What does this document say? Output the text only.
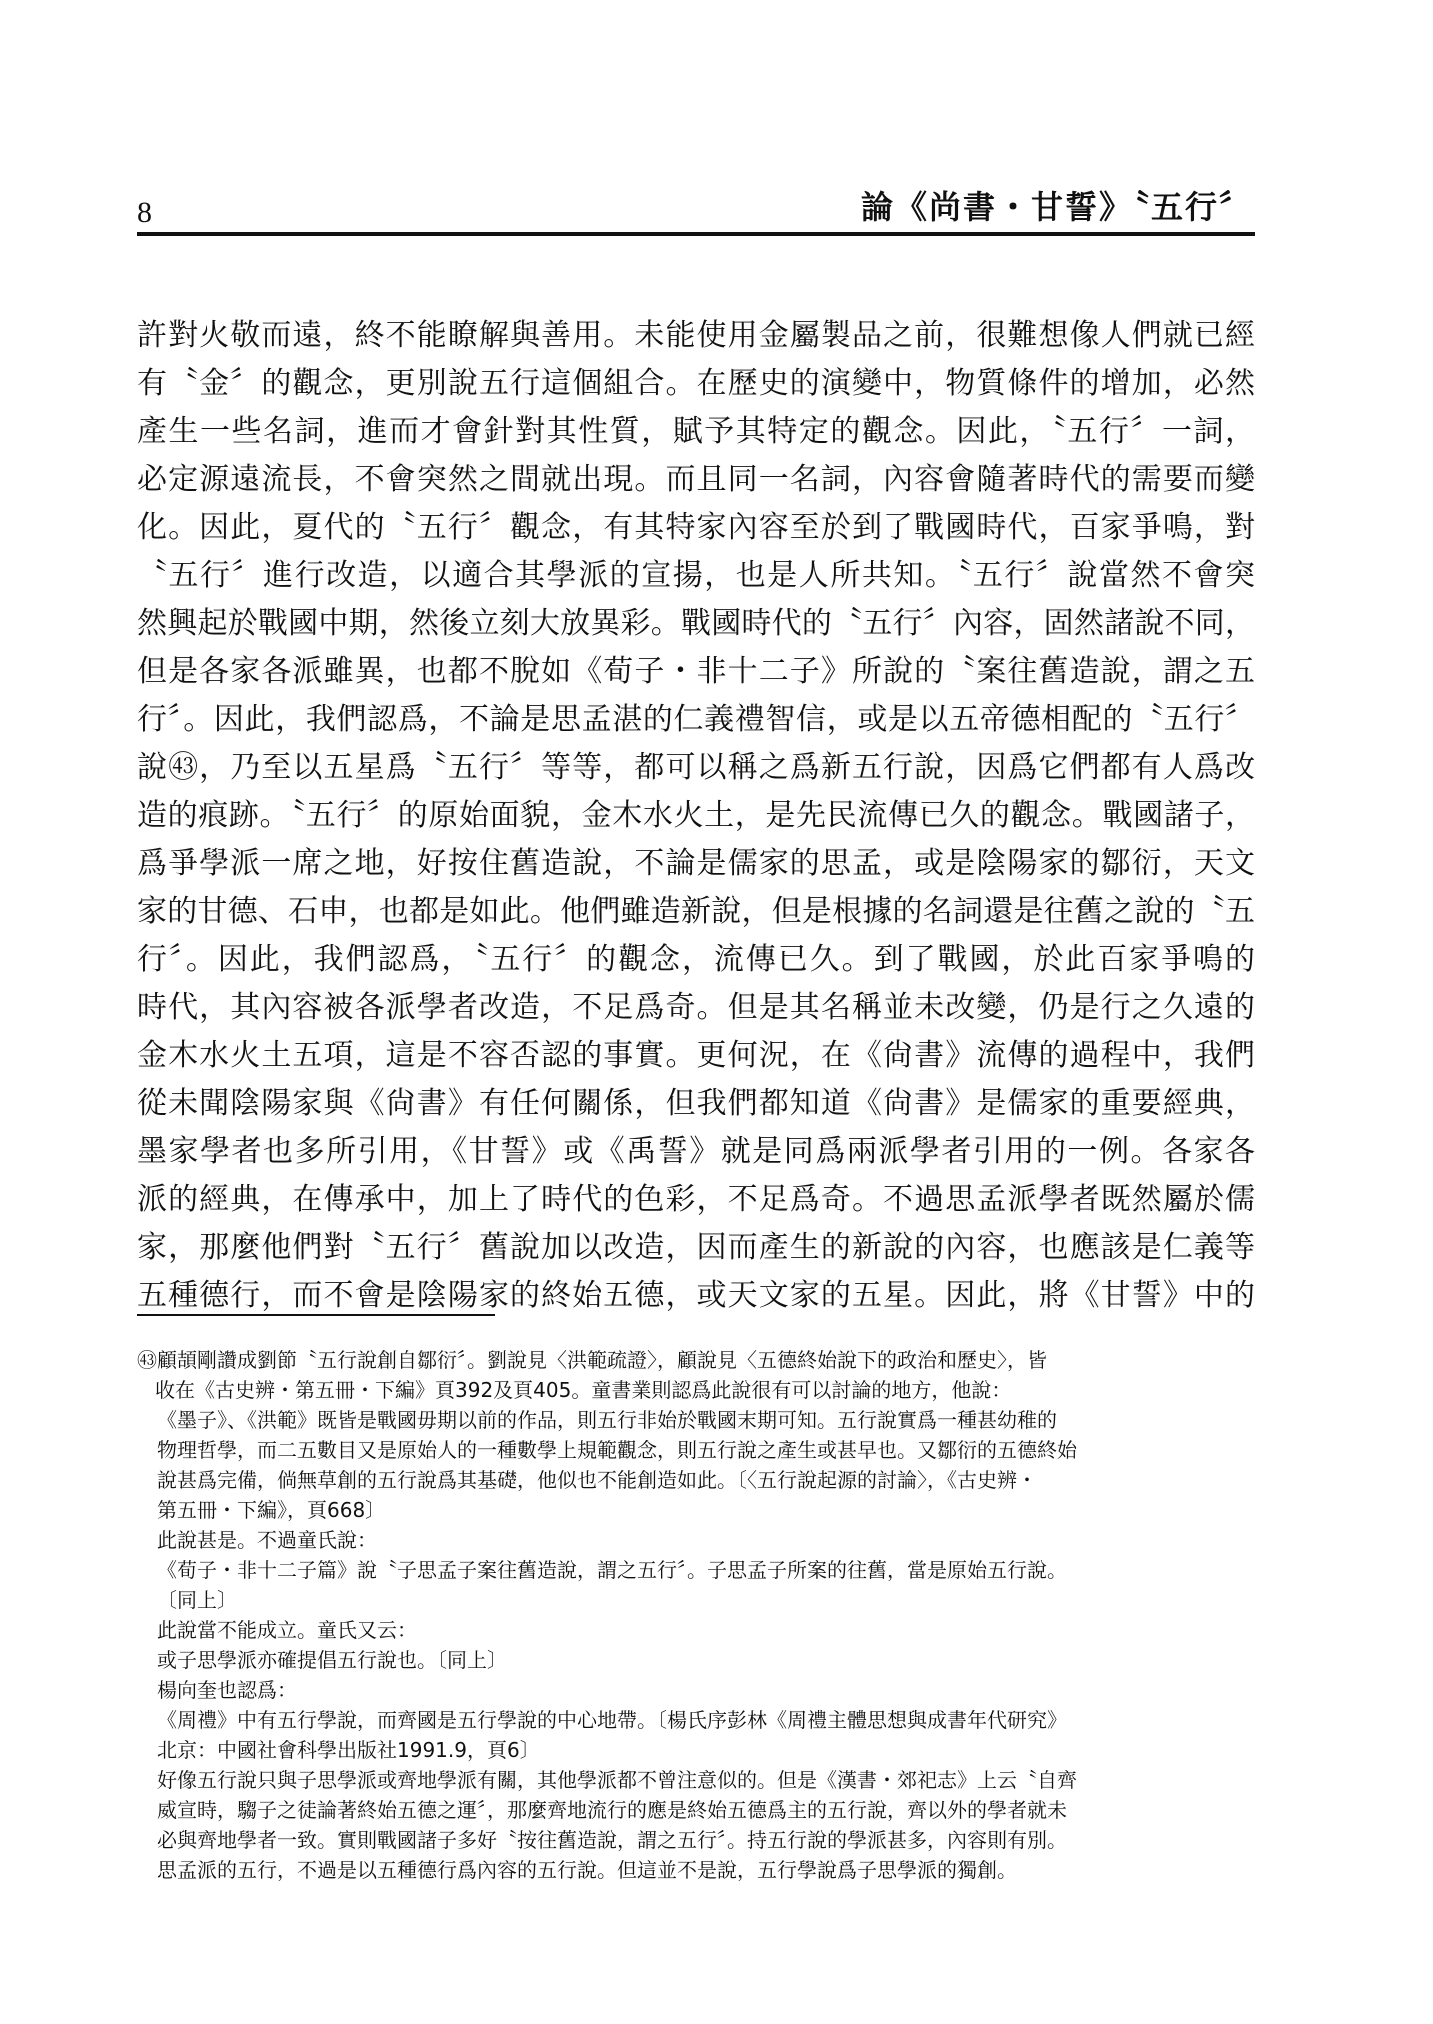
8	論《尚書・甘誓》〝五行〞
許對火敬而遠，終不能瞭解與善用。未能使用金屬製品之前，很難想像人們就已經
有〝金〞的觀念，更別說五行這個組合。在歷史的演變中，物質條件的增加，必然
產生一些名詞，進而才會針對其性質，賦予其特定的觀念。因此，〝五行〞一詞，
必定源遠流長，不會突然之間就出現。而且同一名詞，內容會隨著時代的需要而變
化。因此，夏代的〝五行〞觀念，有其特家內容至於到了戰國時代，百家爭鳴，對
〝五行〞進行改造，以適合其學派的宣揚，也是人所共知。〝五行〞說當然不會突
然興起於戰國中期，然後立刻大放異彩。戰國時代的〝五行〞內容，固然諸說不同，
但是各家各派雖異，也都不脫如《荀子・非十二子》所說的〝案往舊造說，謂之五
行〞。因此，我們認爲，不論是思孟湛的仁義禮智信，或是以五帝德相配的〝五行〞
說㊸，乃至以五星爲〝五行〞等等，都可以稱之爲新五行說，因爲它們都有人爲改
造的痕跡。〝五行〞的原始面貌，金木水火土，是先民流傳已久的觀念。戰國諸子，
爲爭學派一席之地，好按住舊造說，不論是儒家的思孟，或是陰陽家的鄒衍，天文
家的甘德、石申，也都是如此。他們雖造新說，但是根據的名詞還是往舊之說的〝五
行〞。因此，我們認爲，〝五行〞的觀念，流傳已久。到了戰國，於此百家爭鳴的
時代，其內容被各派學者改造，不足爲奇。但是其名稱並未改變，仍是行之久遠的
金木水火土五項，這是不容否認的事實。更何況，在《尙書》流傳的過程中，我們
從未聞陰陽家與《尙書》有任何關係，但我們都知道《尙書》是儒家的重要經典，
墨家學者也多所引用，《甘誓》或《禹誓》就是同爲兩派學者引用的一例。各家各
派的經典，在傳承中，加上了時代的色彩，不足爲奇。不過思孟派學者既然屬於儒
家，那麼他們對〝五行〞舊說加以改造，因而產生的新說的內容，也應該是仁義等
五種德行，而不會是陰陽家的終始五德，或天文家的五星。因此，將《甘誓》中的
㊸顧頡剛讚成劉節〝五行說創自鄒衍〞。劉說見〈洪範疏證〉，顧說見〈五德終始說下的政治和歷史〉，皆
收在《古史辨・第五冊・下編》頁392及頁405。童書業則認爲此說很有可以討論的地方，他說：
《墨子》、《洪範》既皆是戰國毋期以前的作品，則五行非始於戰國末期可知。五行說實爲一種甚幼稚的
物理哲學，而二五數目又是原始人的一種數學上規範觀念，則五行說之產生或甚早也。又鄒衍的五德終始
說甚爲完備，倘無草創的五行說爲其基礎，他似也不能創造如此。〔〈五行說起源的討論〉，《古史辨・
第五冊・下編》，頁668〕
此說甚是。不過童氏說：
《荀子・非十二子篇》說〝子思孟子案往舊造說，謂之五行〞。子思孟子所案的往舊，當是原始五行說。
〔同上〕
此說當不能成立。童氏又云：
或子思學派亦確提倡五行說也。〔同上〕
楊向奎也認爲：
《周禮》中有五行學說，而齊國是五行學說的中心地帶。〔楊氏序彭林《周禮主體思想與成書年代研究》
北京：中國社會科學出版社1991.9，頁6〕
好像五行說只與子思學派或齊地學派有關，其他學派都不曾注意似的。但是《漢書・郊祀志》上云〝自齊
威宣時，騶子之徒論著終始五德之運〞，那麼齊地流行的應是終始五德爲主的五行說，齊以外的學者就未
必與齊地學者一致。實則戰國諸子多好〝按往舊造說，謂之五行〞。持五行說的學派甚多，內容則有別。
思孟派的五行，不過是以五種德行爲內容的五行說。但這並不是說，五行學說爲子思學派的獨創。
